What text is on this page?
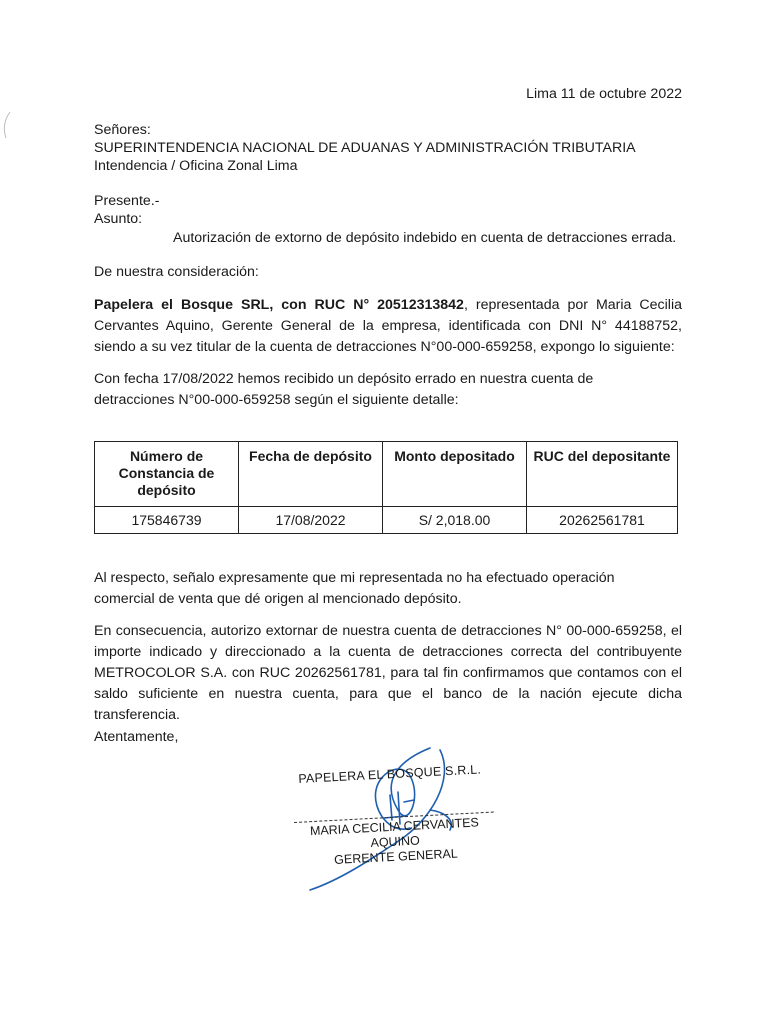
Lima 11 de octubre 2022
Señores:
SUPERINTENDENCIA NACIONAL DE ADUANAS Y ADMINISTRACIÓN TRIBUTARIA
Intendencia / Oficina Zonal Lima
Presente.-
Asunto:
Autorización de extorno de depósito indebido en cuenta de detracciones errada.
De nuestra consideración:

Papelera el Bosque SRL, con RUC N° 20512313842, representada por Maria Cecilia Cervantes Aquino, Gerente General de la empresa, identificada con DNI N° 44188752, siendo a su vez titular de la cuenta de detracciones N°00-000-659258, expongo lo siguiente:

Con fecha 17/08/2022 hemos recibido un depósito errado en nuestra cuenta de detracciones N°00-000-659258 según el siguiente detalle:
Número de Constancia de depósito	Fecha de depósito	Monto depositado	RUC del depositante
175846739	17/08/2022	S/ 2,018.00	20262561781
Al respecto, señalo expresamente que mi representada no ha efectuado operación comercial de venta que dé origen al mencionado depósito.
En consecuencia, autorizo extornar de nuestra cuenta de detracciones N° 00-000-659258, el importe indicado y direccionado a la cuenta de detracciones correcta del contribuyente METROCOLOR S.A. con RUC 20262561781, para tal fin confirmamos que contamos con el saldo suficiente en nuestra cuenta, para que el banco de la nación ejecute dicha transferencia.
Atentamente,
PAPELERA EL BOSQUE S.R.L.
MARIA CECILIA CERVANTES AQUINO
GERENTE GENERAL
